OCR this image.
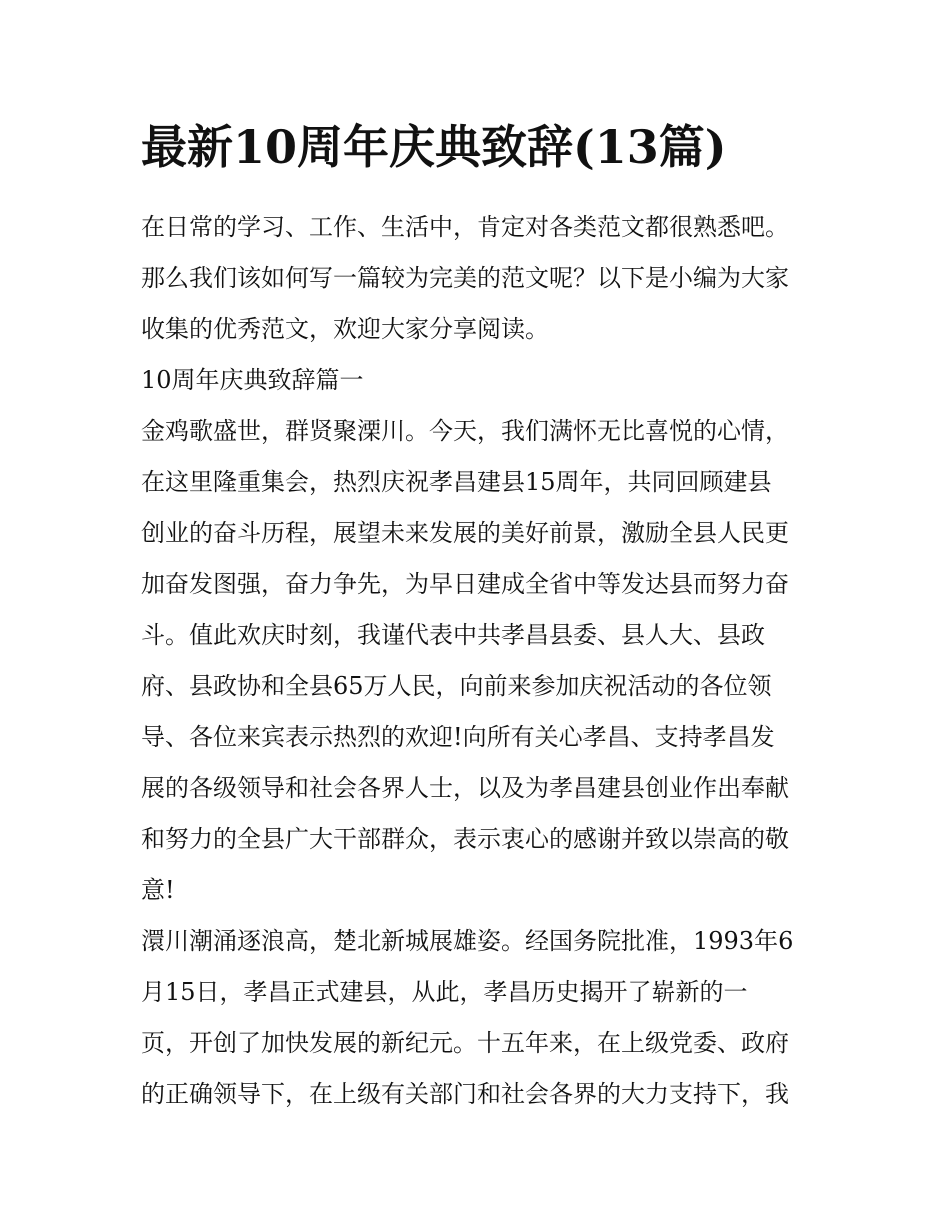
最新10周年庆典致辞(13篇)
在日常的学习、工作、生活中，肯定对各类范文都很熟悉吧。
那么我们该如何写一篇较为完美的范文呢？以下是小编为大家
收集的优秀范文，欢迎大家分享阅读。
10周年庆典致辞篇一
金鸡歌盛世，群贤聚溧川。今天，我们满怀无比喜悦的心情，
在这里隆重集会，热烈庆祝孝昌建县15周年，共同回顾建县
创业的奋斗历程，展望未来发展的美好前景，激励全县人民更
加奋发图强，奋力争先，为早日建成全省中等发达县而努力奋
斗。值此欢庆时刻，我谨代表中共孝昌县委、县人大、县政
府、县政协和全县65万人民，向前来参加庆祝活动的各位领
导、各位来宾表示热烈的欢迎!向所有关心孝昌、支持孝昌发
展的各级领导和社会各界人士，以及为孝昌建县创业作出奉献
和努力的全县广大干部群众，表示衷心的感谢并致以崇高的敬
意!
澴川潮涌逐浪高，楚北新城展雄姿。经国务院批准，1993年6
月15日，孝昌正式建县，从此，孝昌历史揭开了崭新的一
页，开创了加快发展的新纪元。十五年来，在上级党委、政府
的正确领导下，在上级有关部门和社会各界的大力支持下，我
